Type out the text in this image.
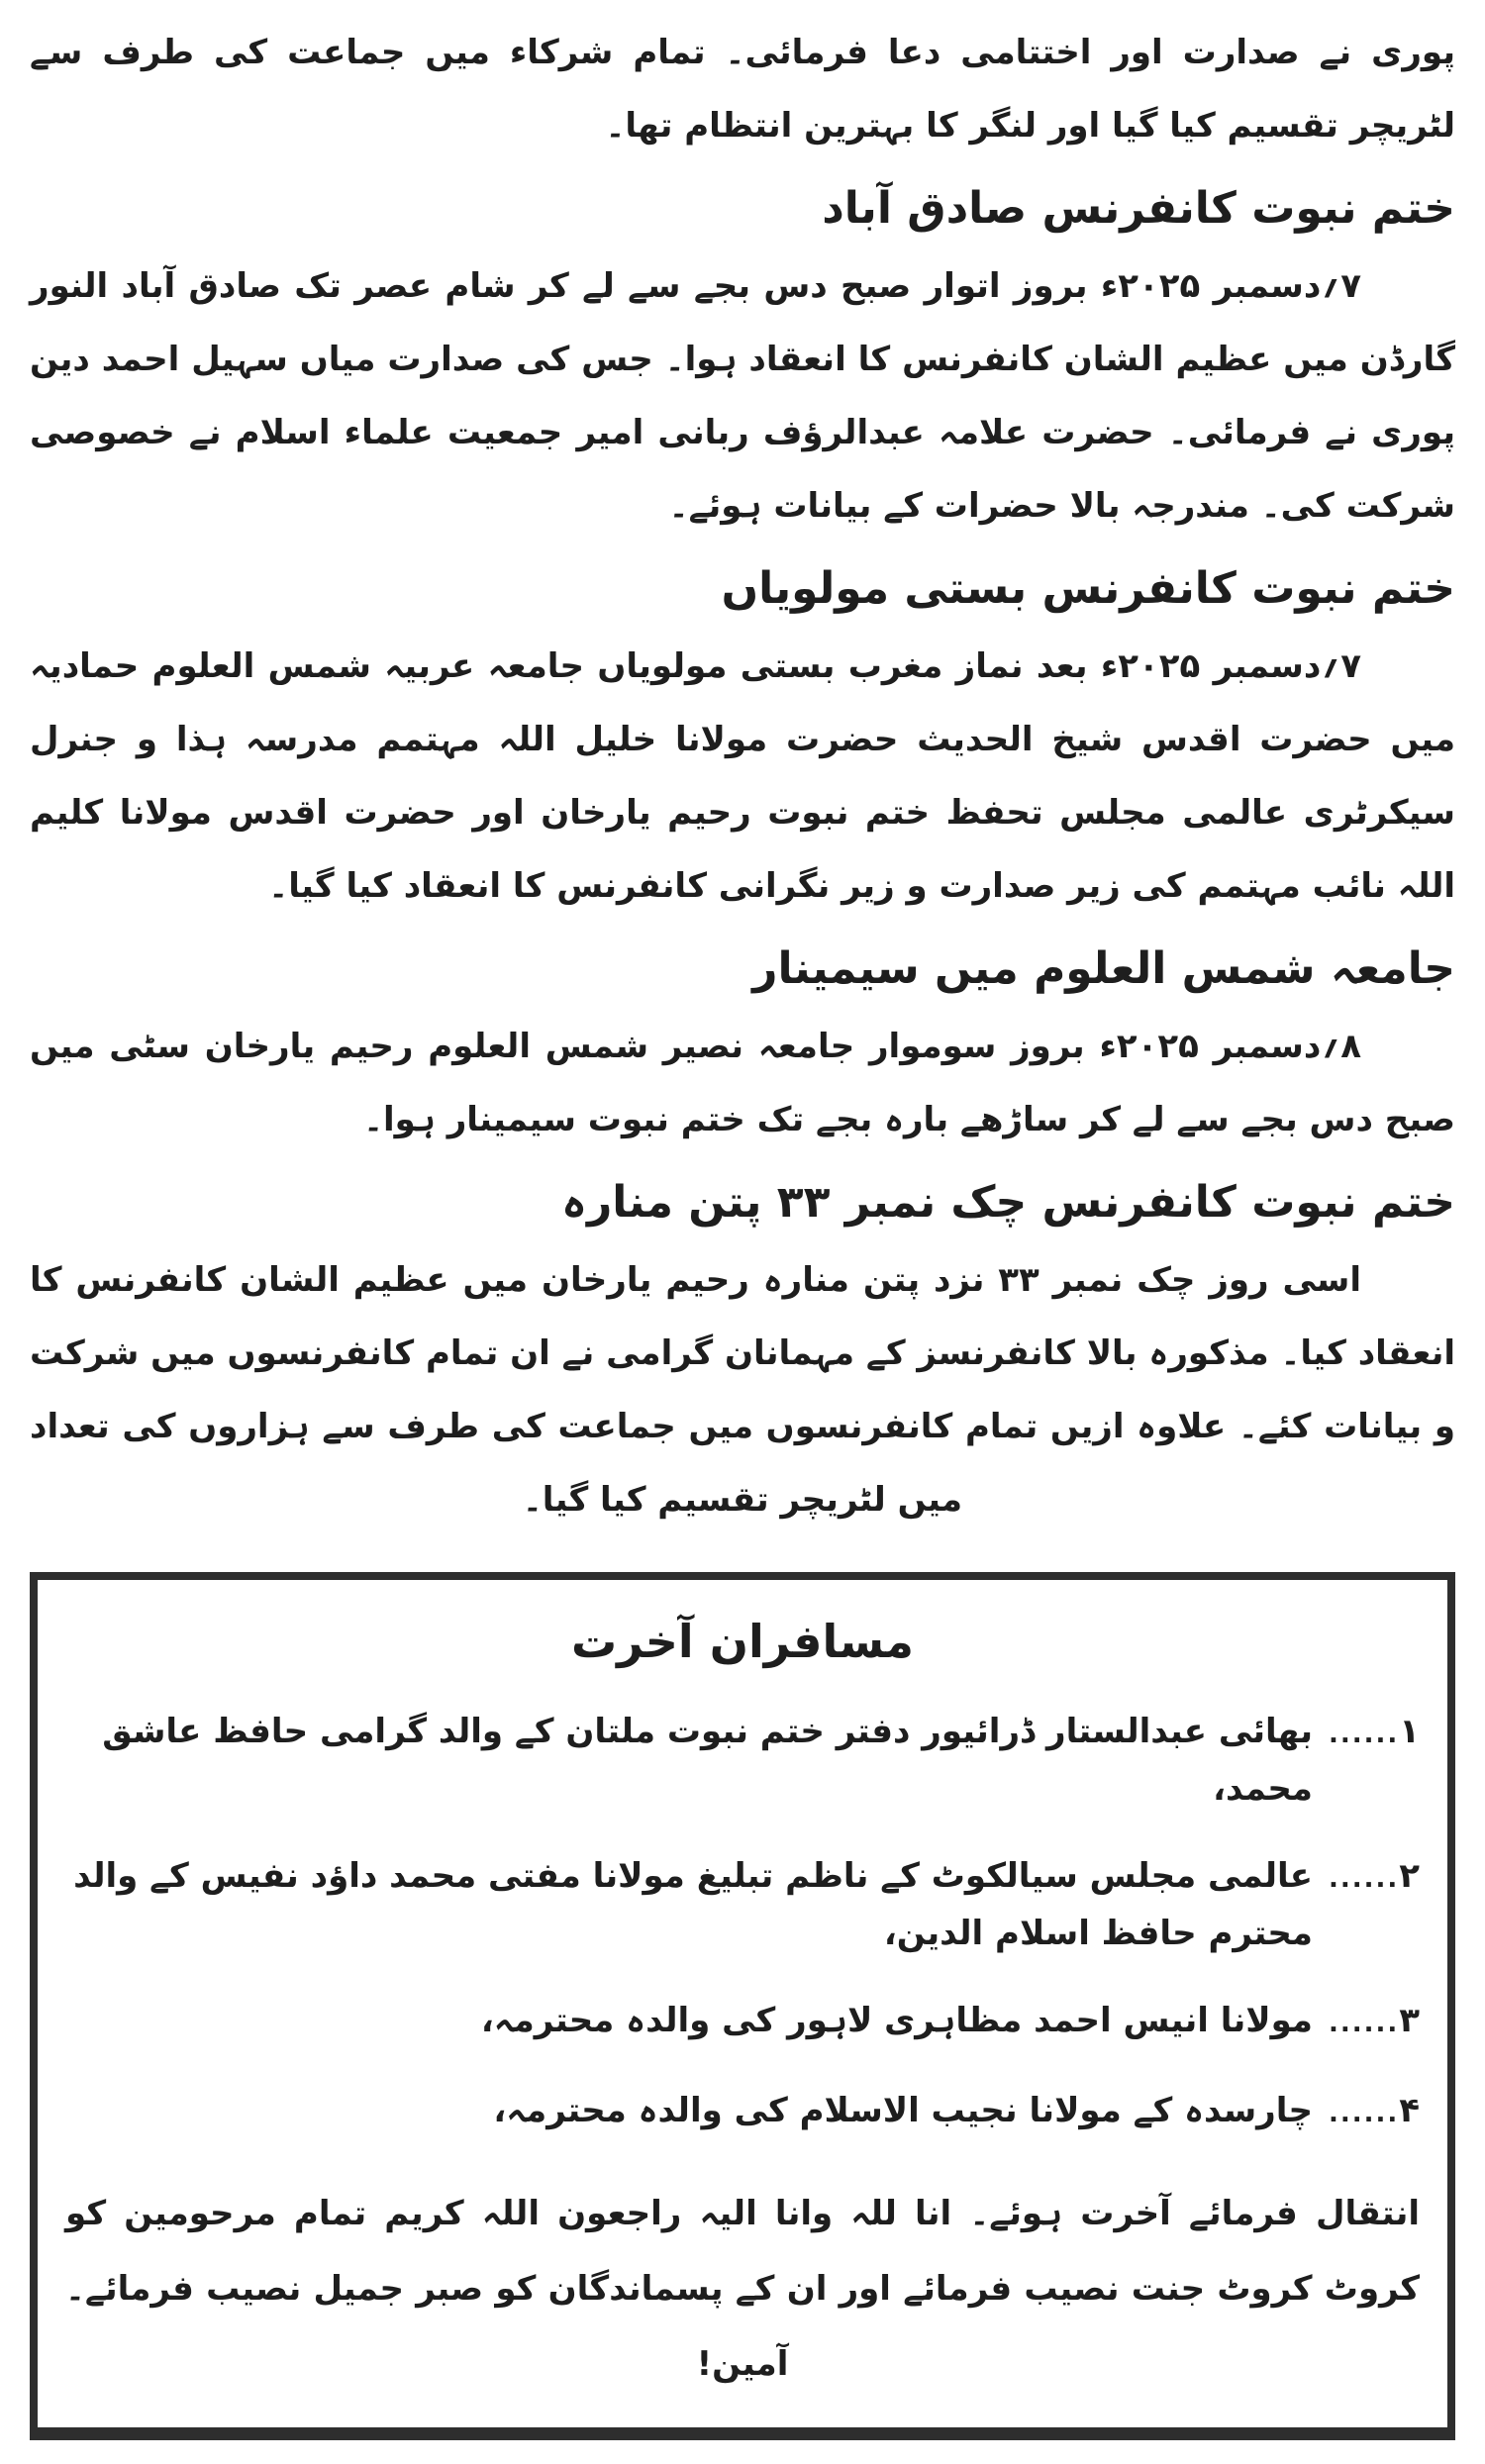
پوری نے صدارت اور اختتامی دعا فرمائی۔ تمام شرکاء میں جماعت کی طرف سے لٹریچر تقسیم کیا گیا اور لنگر کا بہترین انتظام تھا۔

ختم نبوت کانفرنس صادق آباد

۷؍دسمبر ۲۰۲۵ء بروز اتوار صبح دس بجے سے لے کر شام عصر تک صادق آباد النور گارڈن میں عظیم الشان کانفرنس کا انعقاد ہوا۔ جس کی صدارت میاں سہیل احمد دین پوری نے فرمائی۔ حضرت علامہ عبدالرؤف ربانی امیر جمعیت علماء اسلام نے خصوصی شرکت کی۔ مندرجہ بالا حضرات کے بیانات ہوئے۔

ختم نبوت کانفرنس بستی مولویاں

۷؍دسمبر ۲۰۲۵ء بعد نماز مغرب بستی مولویاں جامعہ عربیہ شمس العلوم حمادیہ میں حضرت اقدس شیخ الحدیث حضرت مولانا خلیل اللہ مہتمم مدرسہ ہذا و جنرل سیکرٹری عالمی مجلس تحفظ ختم نبوت رحیم یارخان اور حضرت اقدس مولانا کلیم اللہ نائب مہتمم کی زیر صدارت و زیر نگرانی کانفرنس کا انعقاد کیا گیا۔

جامعہ شمس العلوم میں سیمینار

۸؍دسمبر ۲۰۲۵ء بروز سوموار جامعہ نصیر شمس العلوم رحیم یارخان سٹی میں صبح دس بجے سے لے کر ساڑھے بارہ بجے تک ختم نبوت سیمینار ہوا۔

ختم نبوت کانفرنس چک نمبر ۳۳ پتن منارہ

اسی روز چک نمبر ۳۳ نزد پتن منارہ رحیم یارخان میں عظیم الشان کانفرنس کا انعقاد کیا۔ مذکورہ بالا کانفرنسز کے مہمانان گرامی نے ان تمام کانفرنسوں میں شرکت و بیانات کئے۔ علاوہ ازیں تمام کانفرنسوں میں جماعت کی طرف سے ہزاروں کی تعداد میں لٹریچر تقسیم کیا گیا۔

مسافران آخرت
۱
......
بھائی عبدالستار ڈرائیور دفتر ختم نبوت ملتان کے والد گرامی حافظ عاشق محمد،
۲
......
عالمی مجلس سیالکوٹ کے ناظم تبلیغ مولانا مفتی محمد داؤد نفیس کے والد محترم حافظ اسلام الدین،
۳
......
مولانا انیس احمد مظاہری لاہور کی والدہ محترمہ،
۴
......
چارسدہ کے مولانا نجیب الاسلام کی والدہ محترمہ،

انتقال فرمائے آخرت ہوئے۔ انا للہ وانا الیہ راجعون اللہ کریم تمام مرحومین کو کروٹ کروٹ جنت نصیب فرمائے اور ان کے پسماندگان کو صبر جمیل نصیب فرمائے۔ آمین!
